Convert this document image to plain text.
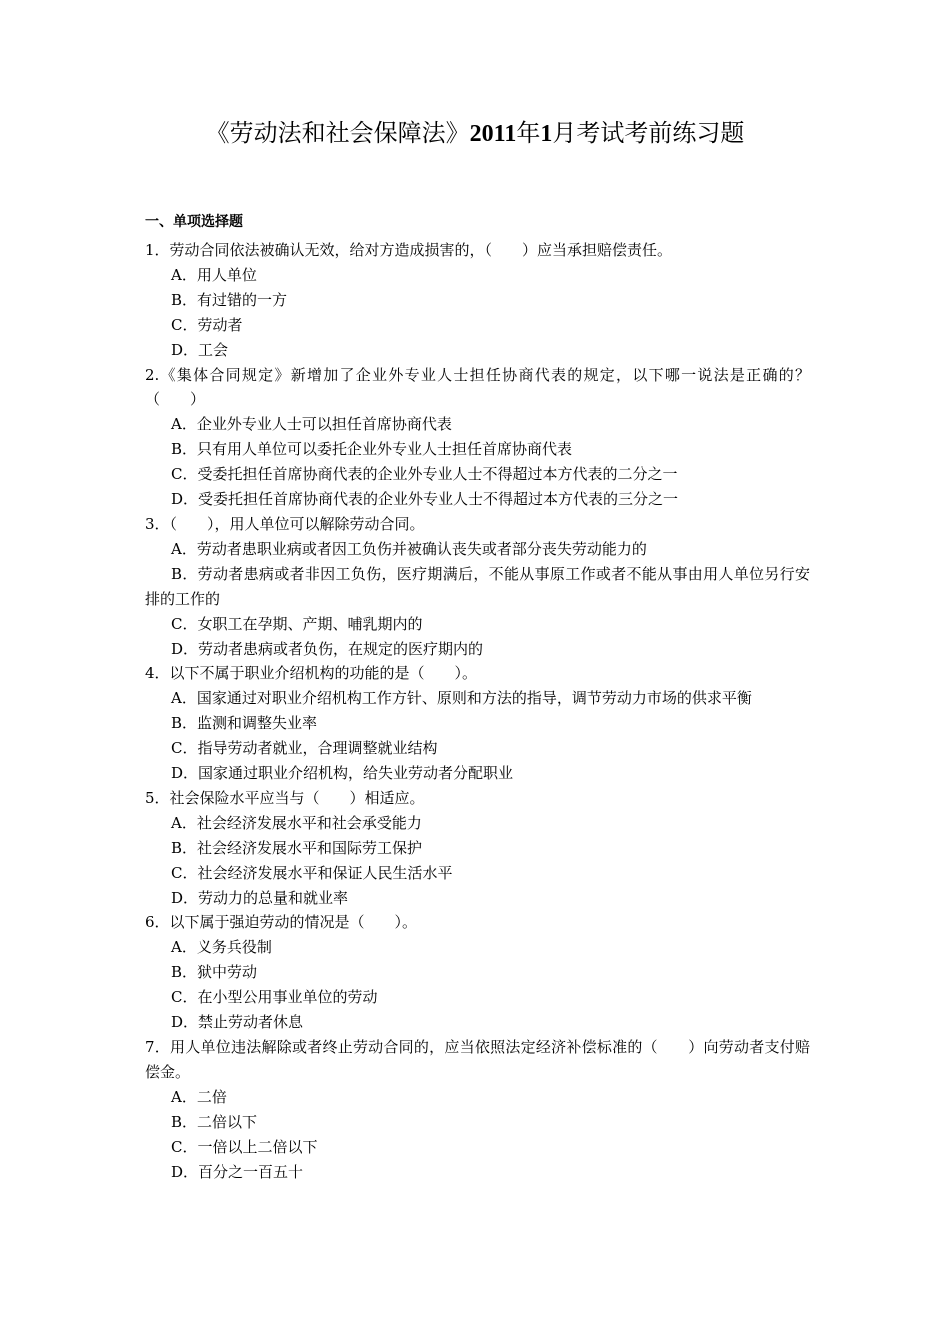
《劳动法和社会保障法》2011年1月考试考前练习题
一、单项选择题

1．劳动合同依法被确认无效，给对方造成损害的，（　　）应当承担赔偿责任。

A．用人单位

B．有过错的一方

C．劳动者

D．工会

2.《集体合同规定》新增加了企业外专业人士担任协商代表的规定，以下哪一说法是正确的？（　　）

A．企业外专业人士可以担任首席协商代表

B．只有用人单位可以委托企业外专业人士担任首席协商代表

C．受委托担任首席协商代表的企业外专业人士不得超过本方代表的二分之一

D．受委托担任首席协商代表的企业外专业人士不得超过本方代表的三分之一

3．（　　），用人单位可以解除劳动合同。

A．劳动者患职业病或者因工负伤并被确认丧失或者部分丧失劳动能力的

B．劳动者患病或者非因工负伤，医疗期满后，不能从事原工作或者不能从事由用人单位另行安排的工作的

C．女职工在孕期、产期、哺乳期内的

D．劳动者患病或者负伤，在规定的医疗期内的

4．以下不属于职业介绍机构的功能的是（　　）。

A．国家通过对职业介绍机构工作方针、原则和方法的指导，调节劳动力市场的供求平衡

B．监测和调整失业率

C．指导劳动者就业，合理调整就业结构

D．国家通过职业介绍机构，给失业劳动者分配职业

5．社会保险水平应当与（　　）相适应。

A．社会经济发展水平和社会承受能力

B．社会经济发展水平和国际劳工保护

C．社会经济发展水平和保证人民生活水平

D．劳动力的总量和就业率

6．以下属于强迫劳动的情况是（　　）。

A．义务兵役制

B．狱中劳动

C．在小型公用事业单位的劳动

D．禁止劳动者休息

7．用人单位违法解除或者终止劳动合同的，应当依照法定经济补偿标准的（　　）向劳动者支付赔偿金。

A．二倍

B．二倍以下

C．一倍以上二倍以下

D．百分之一百五十
